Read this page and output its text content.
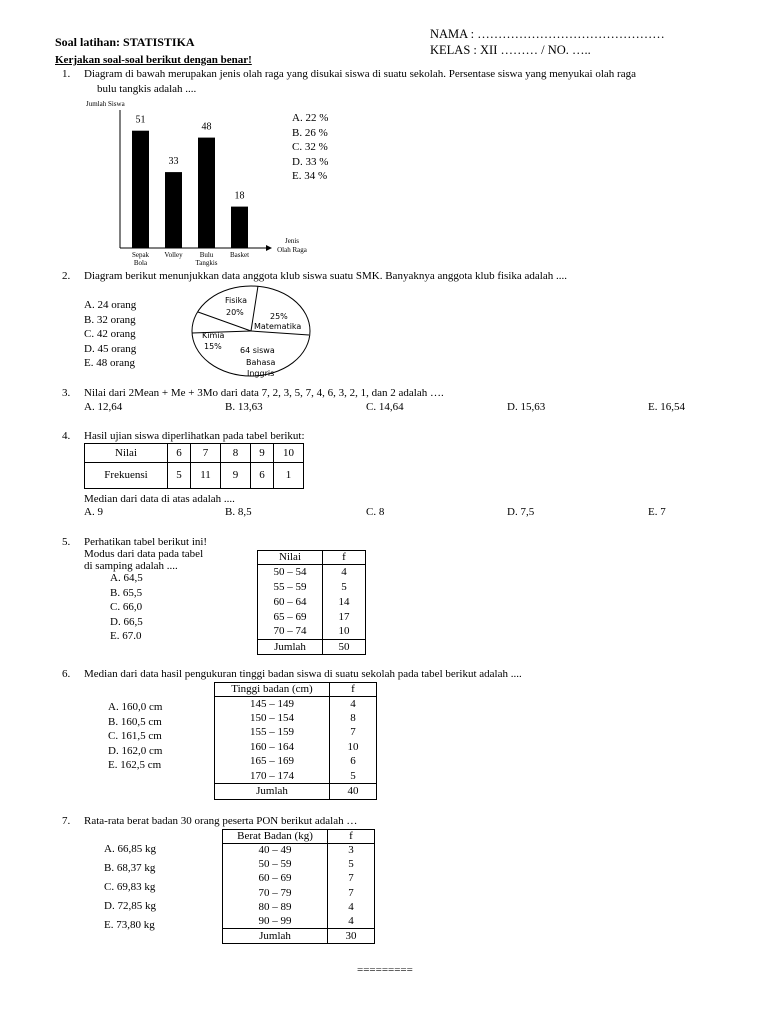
Soal latihan: STATISTIKA
NAMA : ………………………………………
KELAS : XII ……… / NO. …..
Kerjakan soal-soal berikut dengan benar!
1. Diagram di bawah merupakan jenis olah raga yang disukai siswa di suatu sekolah. Persentase siswa yang menyukai olah raga
bulu tangkis adalah ....
Jumlah Siswa
51
Sepak
Bola
33
Volley
48
Bulu
Tangkis
18
Basket
Jenis
Olah Raga
A. 22 %
B. 26 %
C. 32 %
D. 33 %
E. 34 %
2. Diagram berikut menunjukkan data anggota klub siswa suatu SMK. Banyaknya anggota klub fisika adalah ....
A. 24 orang
B. 32 orang
C. 42 orang
D. 45 orang
E. 48 orang
Fisika
20%	25%
Matematika
Kimia
15% 64 siswa
Bahasa
Inggris
3. Nilai dari 2Mean + Me + 3Mo dari data 7, 2, 3, 5, 7, 4, 6, 3, 2, 1, dan 2 adalah ….
A. 12,64	B. 13,63	C. 14,64	D. 15,63	E. 16,54
4. Hasil ujian siswa diperlihatkan pada tabel berikut:
Nilai	6	7	8	9	10
Frekuensi	5	11	9	6	1
Median dari data di atas adalah ....
A. 9	B. 8,5	C. 8	D. 7,5	E. 7
5. Perhatikan tabel berikut ini!
Modus dari data pada tabel
di samping adalah ....
A. 64,5
B. 65,5
C. 66,0
D. 66,5
E. 67.0
Nilai	f
50 – 54	4
55 – 59	5
60 – 64	14
65 – 69	17
70 – 74	10
Jumlah	50
6. Median dari data hasil pengukuran tinggi badan siswa di suatu sekolah pada tabel berikut adalah ....
A. 160,0 cm
B. 160,5 cm
C. 161,5 cm
D. 162,0 cm
E. 162,5 cm
Tinggi badan (cm)	f
145 – 149	4
150 – 154	8
155 – 159	7
160 – 164	10
165 – 169	6
170 – 174	5
Jumlah	40
7. Rata-rata berat badan 30 orang peserta PON berikut adalah …
A. 66,85 kg
B. 68,37 kg
C. 69,83 kg
D. 72,85 kg
E. 73,80 kg
Berat Badan (kg)	f
40 – 49	3
50 – 59	5
60 – 69	7
70 – 79	7
80 – 89	4
90 – 99	4
Jumlah	30
=========
